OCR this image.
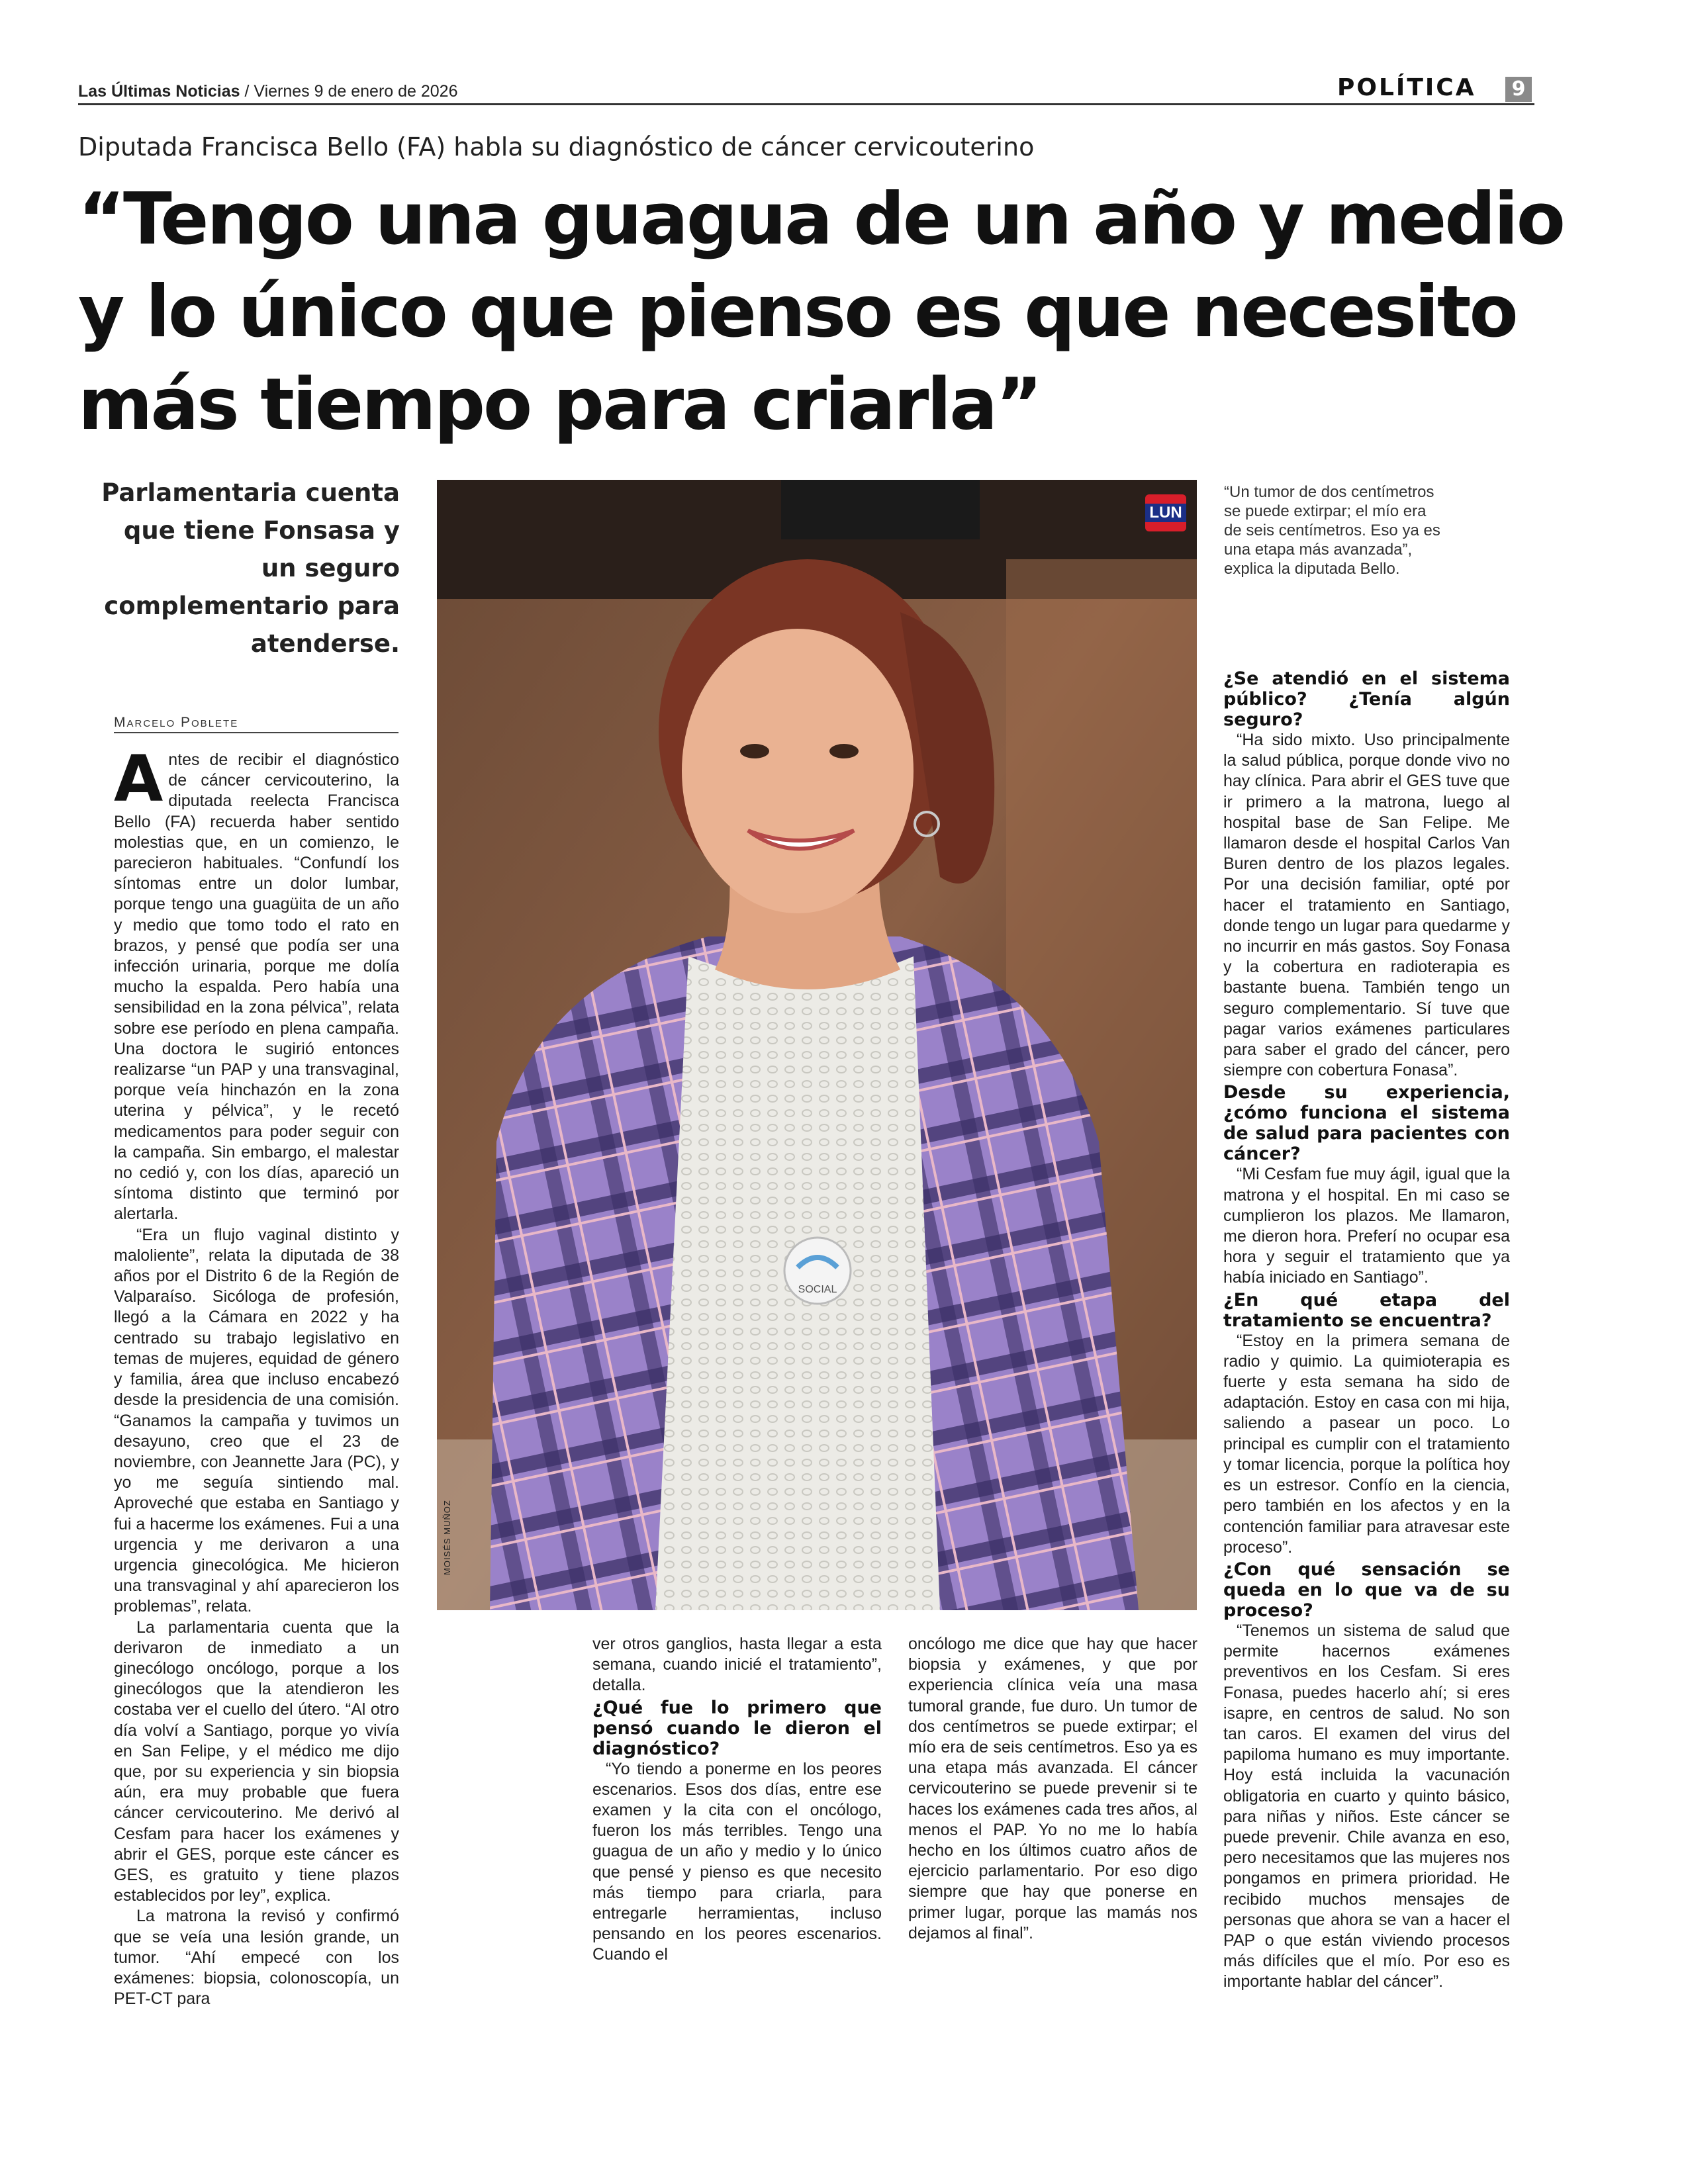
Las Últimas Noticias / Viernes 9 de enero de 2026	POLÍTICA	9
Diputada Francisca Bello (FA) habla su diagnóstico de cáncer cervicouterino
“Tengo una guagua de un año y medio y lo único que pienso es que necesito más tiempo para criarla”
Parlamentaria cuenta que tiene Fonsasa y un seguro complementario para atenderse.
Marcelo Poblete
SOCIAL
LUN
MOISÉS MUÑOZ
“Un tumor de dos centímetros se puede extirpar; el mío era de seis centímetros. Eso ya es una etapa más avanzada”, explica la diputada Bello.

Antes de recibir el diagnóstico de cáncer cervicouterino, la diputada reelecta Francisca Bello (FA) recuerda haber sentido molestias que, en un comienzo, le parecieron habituales. “Confundí los síntomas entre un dolor lumbar, porque tengo una guagüita de un año y medio que tomo todo el rato en brazos, y pensé que podía ser una infección urinaria, porque me dolía mucho la espalda. Pero había una sensibilidad en la zona pélvica”, relata sobre ese período en plena campaña. Una doctora le sugirió entonces realizarse “un PAP y una transvaginal, porque veía hinchazón en la zona uterina y pélvica”, y le recetó medicamentos para poder seguir con la campaña. Sin embargo, el malestar no cedió y, con los días, apareció un síntoma distinto que terminó por alertarla.

“Era un flujo vaginal distinto y maloliente”, relata la diputada de 38 años por el Distrito 6 de la Región de Valparaíso. Sicóloga de profesión, llegó a la Cámara en 2022 y ha centrado su trabajo legislativo en temas de mujeres, equidad de género y familia, área que incluso encabezó desde la presidencia de una comisión. “Ganamos la campaña y tuvimos un desayuno, creo que el 23 de noviembre, con Jeannette Jara (PC), y yo me seguía sintiendo mal. Aproveché que estaba en Santiago y fui a hacerme los exámenes. Fui a una urgencia y me derivaron a una urgencia ginecológica. Me hicieron una transvaginal y ahí aparecieron los problemas”, relata.

La parlamentaria cuenta que la derivaron de inmediato a un ginecólogo oncólogo, porque a los ginecólogos que la atendieron les costaba ver el cuello del útero. “Al otro día volví a Santiago, porque yo vivía en San Felipe, y el médico me dijo que, por su experiencia y sin biopsia aún, era muy probable que fuera cáncer cervicouterino. Me derivó al Cesfam para hacer los exámenes y abrir el GES, porque este cáncer es GES, es gratuito y tiene plazos establecidos por ley”, explica.

La matrona la revisó y confirmó que se veía una lesión grande, un tumor. “Ahí empecé con los exámenes: biopsia, colonoscopía, un PET-CT para

ver otros ganglios, hasta llegar a esta semana, cuando inicié el tratamiento”, detalla.

¿Qué fue lo primero que pensó cuando le dieron el diagnóstico?

“Yo tiendo a ponerme en los peores escenarios. Esos dos días, entre ese examen y la cita con el oncólogo, fueron los más terribles. Tengo una guagua de un año y medio y lo único que pensé y pienso es que necesito más tiempo para criarla, para entregarle herramientas, incluso pensando en los peores escenarios. Cuando el

oncólogo me dice que hay que hacer biopsia y exámenes, y que por experiencia clínica veía una masa tumoral grande, fue duro. Un tumor de dos centímetros se puede extirpar; el mío era de seis centímetros. Eso ya es una etapa más avanzada. El cáncer cervicouterino se puede prevenir si te haces los exámenes cada tres años, al menos el PAP. Yo no me lo había hecho en los últimos cuatro años de ejercicio parlamentario. Por eso digo siempre que hay que ponerse en primer lugar, porque las mamás nos dejamos al final”.

¿Se atendió en el sistema público? ¿Tenía algún seguro?

“Ha sido mixto. Uso principalmente la salud pública, porque donde vivo no hay clínica. Para abrir el GES tuve que ir primero a la matrona, luego al hospital base de San Felipe. Me llamaron desde el hospital Carlos Van Buren dentro de los plazos legales. Por una decisión familiar, opté por hacer el tratamiento en Santiago, donde tengo un lugar para quedarme y no incurrir en más gastos. Soy Fonasa y la cobertura en radioterapia es bastante buena. También tengo un seguro complementario. Sí tuve que pagar varios exámenes particulares para saber el grado del cáncer, pero siempre con cobertura Fonasa”.

Desde su experiencia, ¿cómo funciona el sistema de salud para pacientes con cáncer?

“Mi Cesfam fue muy ágil, igual que la matrona y el hospital. En mi caso se cumplieron los plazos. Me llamaron, me dieron hora. Preferí no ocupar esa hora y seguir el tratamiento que ya había iniciado en Santiago”.

¿En qué etapa del tratamiento se encuentra?

“Estoy en la primera semana de radio y quimio. La quimioterapia es fuerte y esta semana ha sido de adaptación. Estoy en casa con mi hija, saliendo a pasear un poco. Lo principal es cumplir con el tratamiento y tomar licencia, porque la política hoy es un estresor. Confío en la ciencia, pero también en los afectos y en la contención familiar para atravesar este proceso”.

¿Con qué sensación se queda en lo que va de su proceso?

“Tenemos un sistema de salud que permite hacernos exámenes preventivos en los Cesfam. Si eres Fonasa, puedes hacerlo ahí; si eres isapre, en centros de salud. No son tan caros. El examen del virus del papiloma humano es muy importante. Hoy está incluida la vacunación obligatoria en cuarto y quinto básico, para niñas y niños. Este cáncer se puede prevenir. Chile avanza en eso, pero necesitamos que las mujeres nos pongamos en primera prioridad. He recibido muchos mensajes de personas que ahora se van a hacer el PAP o que están viviendo procesos más difíciles que el mío. Por eso es importante hablar del cáncer”.
